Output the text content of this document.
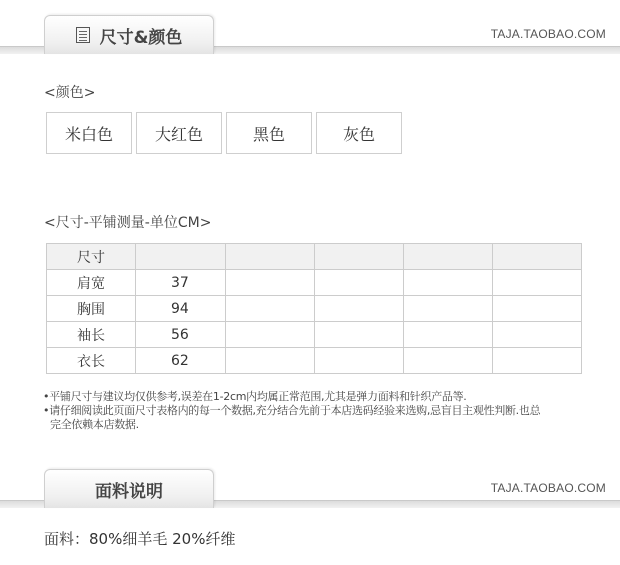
尺寸&颜色	TAJA.TAOBAO.COM
<颜色>
米白色	大红色	黑色	灰色
<尺寸-平铺测量-单位CM>
尺寸					
肩宽	37				
胸围	94				
袖长	56				
衣长	62				
•平铺尺寸与建议均仅供参考,误差在1-2cm内均属正常范围,尤其是弹力面料和针织产品等.
•请仔细阅读此页面尺寸表格内的每一个数据,充分结合先前于本店选码经验来选购,忌盲目主观性判断.也总
完全依赖本店数据.
面料说明	TAJA.TAOBAO.COM
面料：80%细羊毛 20%纤维
